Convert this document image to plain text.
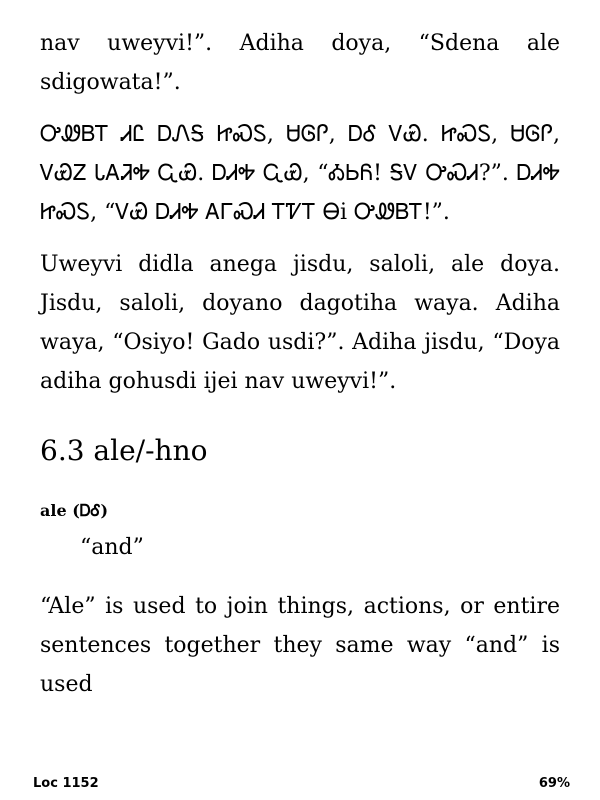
nav uweyvi!”. Adiha doya, “Sdena ale sdigowata!”.

ᎤᏪᏴᎢ ᏗᏝ ᎠᏁᎦ ᏥᏍᏚ, ᏌᎶᎵ, ᎠᎴ ᏙᏯ. ᏥᏍᏚ, ᏌᎶᎵ, ᏙᏯᏃ ᏓᎪᏘᎭ ᏩᏯ. ᎠᏗᎭ ᏩᏯ, “ᎣᏏᏲ! ᎦᏙ ᎤᏍᏗ?”. ᎠᏗᎭ ᏥᏍᏚ, “ᏙᏯ ᎠᏗᎭ ᎪᎱᏍᏗ ᎢᏤᎢ Ꮎi ᎤᏪᏴᎢ!”.

Uweyvi didla anega jisdu, saloli, ale doya. Jisdu, saloli, doyano dagotiha waya. Adiha waya, “Osiyo! Gado usdi?”. Adiha jisdu, “Doya adiha gohusdi ijei nav uweyvi!”.

6.3 ale/-hno
ale (ᎠᎴ)
“and”

“Ale” is used to join things, actions, or entire sentences together they same way “and” is used

Loc 1152	69%
